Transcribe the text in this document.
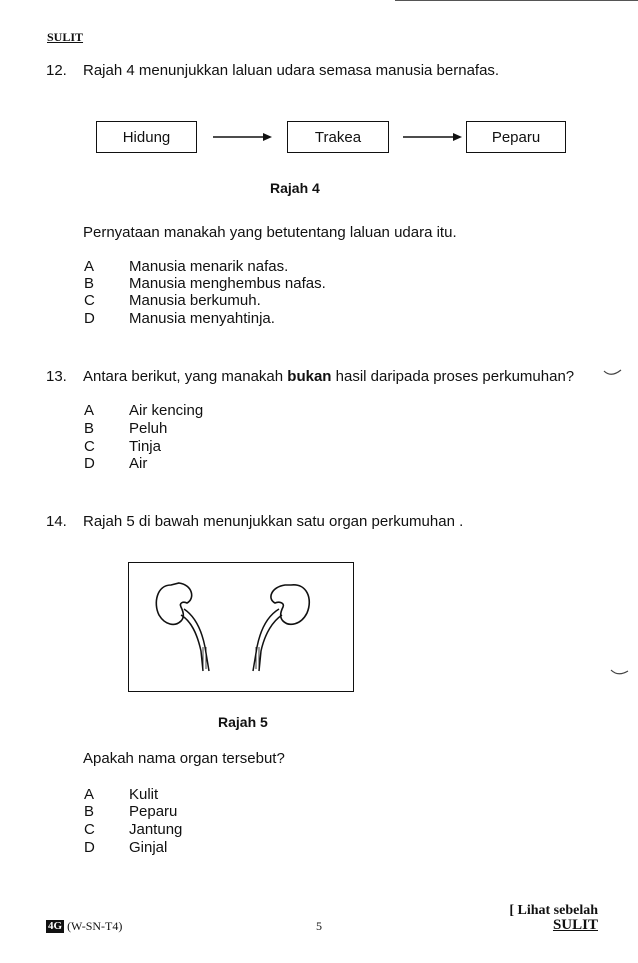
SULIT
12. Rajah 4 menunjukkan laluan udara semasa manusia bernafas.
Hidung	Trakea	Peparu
Rajah 4
Pernyataan manakah yang betutentang laluan udara itu.
A	Manusia menarik nafas.
B	Manusia menghembus nafas.
C	Manusia berkumuh.
D	Manusia menyahtinja.
13. Antara berikut, yang manakah bukan hasil daripada proses perkumuhan?
A	Air kencing
B	Peluh
C	Tinja
D	Air
14. Rajah 5 di bawah menunjukkan satu organ perkumuhan .
Rajah 5
Apakah nama organ tersebut?
A	Kulit
B	Peparu
C	Jantung
D	Ginjal
4G (W-SN-T4)	5
[ Lihat sebelah
SULIT
